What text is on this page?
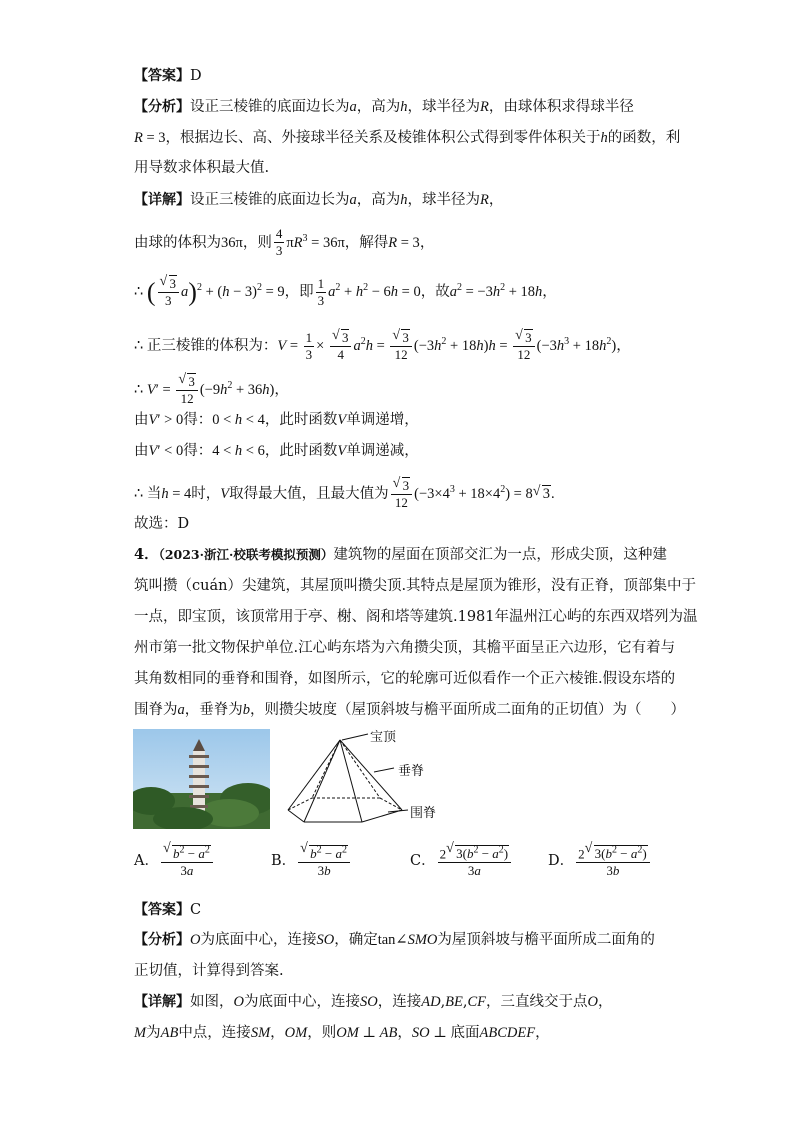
【答案】D
【分析】设正三棱锥的底面边长为a，高为h，球半径为R，由球体积求得球半径
R = 3，根据边长、高、外接球半径关系及棱锥体积公式得到零件体积关于h的函数，利
用导数求体积最大值.
【详解】设正三棱锥的底面边长为a，高为h，球半径为R，
由球的体积为36π，则 $\frac{4}{3} \pi R^3 = 36\pi$，解得R = 3，
∴ (
√ $\frac{3}{3} a)^2 + (h - 3)^2 = 9$，即 $\frac{1}{3} a^2 + h^2 - 6h = 0$，故$a^2 = -3h^2 + 18h$，
∴ 正三棱锥的体积为：$V = \frac{1}{3}$ ×
√ $\frac{3}{4} a^2h$ =
√ $\frac{3}{12} (-3h^2 + 18h)h$ =
√ $\frac{3}{12} (-3h^3 + 18h^2)$，
∴ V′ =
√ $\frac{3}{12} (-9h^2 + 36h)$，
由V′ > 0得：0 < h < 4，此时函数V单调递增，
由V′ < 0得：4 < h < 6，此时函数V单调递减，
∴ 当h = 4时，V取得最大值，且最大值为
√ $\frac{3}{12} (-3\times 4^3 + 18\times 4^2) = 8√$ 3.
故选：D
4．（2023·浙江·校联考模拟预测）建筑物的屋面在顶部交汇为一点，形成尖顶，这种建
筑叫攒（cuán）尖建筑，其屋顶叫攒尖顶.其特点是屋顶为锥形，没有正脊，顶部集中于
一点，即宝顶，该顶常用于亭、榭、阁和塔等建筑.1981年温州江心屿的东西双塔列为温
州市第一批文物保护单位.江心屿东塔为六角攒尖顶，其檐平面呈正六边形，它有着与
其角数相同的垂脊和围脊，如图所示，它的轮廓可近似看作一个正六棱锥.假设东塔的
围脊为a，垂脊为b，则攒尖坡度（屋顶斜坡与檐平面所成二面角的正切值）为（　　）
宝顶
垂脊
围脊
A．
√ $\frac{b^2 - a^2}{3a}$	B．
√ $\frac{b^2 - a^2}{3b}$	C． $\frac{2√ 3(b^2 - a^2)}{3a}$	D． $\frac{2√ 3(b^2 - a^2)}{3b}$
【答案】C
【分析】O为底面中心，连接SO，确定tan∠SMO为屋顶斜坡与檐平面所成二面角的
正切值，计算得到答案.
【详解】如图，O为底面中心，连接SO，连接AD,BE,CF，三直线交于点O，
M为AB中点，连接SM，OM，则OM ⊥ AB，SO ⊥ 底面ABCDEF，
